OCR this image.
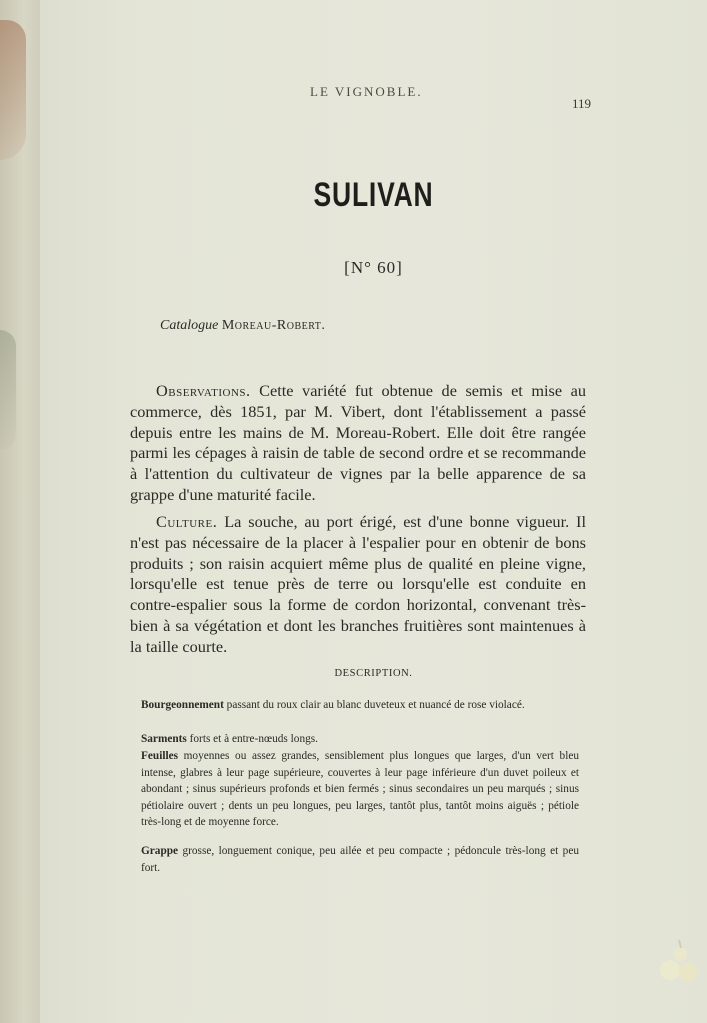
LE VIGNOBLE.
119
SULIVAN
[N° 60]
Catalogue Moreau-Robert.

Observations. Cette variété fut obtenue de semis et mise au commerce, dès 1851, par M. Vibert, dont l'établissement a passé depuis entre les mains de M. Moreau-Robert. Elle doit être rangée parmi les cépages à raisin de table de second ordre et se recommande à l'attention du cultivateur de vignes par la belle apparence de sa grappe d'une maturité facile.

Culture. La souche, au port érigé, est d'une bonne vigueur. Il n'est pas nécessaire de la placer à l'espalier pour en obtenir de bons produits ; son raisin acquiert même plus de qualité en pleine vigne, lorsqu'elle est tenue près de terre ou lorsqu'elle est conduite en contre-espalier sous la forme de cordon horizontal, convenant très-bien à sa végétation et dont les branches fruitières sont maintenues à la taille courte.

DESCRIPTION.

Bourgeonnement passant du roux clair au blanc duveteux et nuancé de rose violacé.

Sarments forts et à entre-nœuds longs.

Feuilles moyennes ou assez grandes, sensiblement plus longues que larges, d'un vert bleu intense, glabres à leur page supérieure, couvertes à leur page inférieure d'un duvet poileux et abondant ; sinus supérieurs profonds et bien fermés ; sinus secondaires un peu marqués ; sinus pétiolaire ouvert ; dents un peu longues, peu larges, tantôt plus, tantôt moins aiguës ; pétiole très-long et de moyenne force.

Grappe grosse, longuement conique, peu ailée et peu compacte ; pédoncule très-long et peu fort.
